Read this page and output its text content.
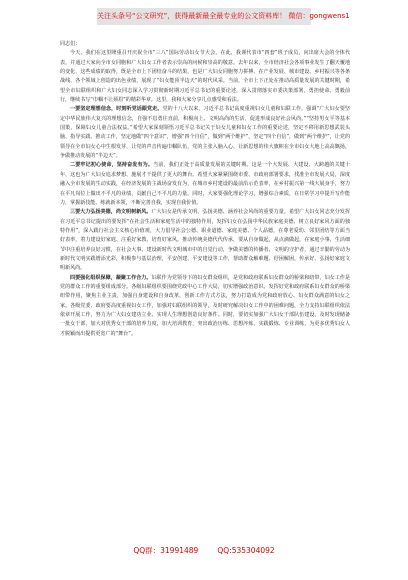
关注头条号“公文研究”，获得最新最全最专业的公文资料库！ 微信：gongwens1

同志们：

今天，我们在这里隆重召开庆祝全市“三八”国际劳动妇女节大会，在此，我谨代表市“四套”班子成员，向出席大会的全体代表，并通过大家向全市女同胞和广大妇女工作者表示崇高的问候和崇高的敬意。去年以来，全市经济社会各项事业发生了翻天覆地的变化，这些成绩的取得，既是全市上下团结奋斗的结果，也是广大妇女同胞努力拼搏、在产业发展、城市建设、乡村振兴等各条战线、各个领域上创造的出色业绩，展现了“妇女能顶半边天”的时代风采。当前，全市上下正处在推动高质量发展的关键时期，希望全市妇联组织和广大妇女同志深入学习贯彻新时期习近平总书记的重要论述，深入贯彻落实市委决策部署，勇担使命、勇毅前行，继续书写“巾帼不让须眉”的精彩华章。这里，我和大家分享几点感受和看法。

一要坚定理想信念，时刻听党话跟党走。党的十八大以来，习近平总书记高度重视妇女儿童和妇联工作，强调“广大妇女要坚定中华民族伟大复兴的理想信念，自强不息勇往直前，积极向上、文明高尚的生活，促进形成良好社会风尚。”“坚持男女平等基本国策，保障妇女儿童合法权益。”希望大家深刻领悟习近平总书记关于妇女儿童和妇女工作的重要论述，坚定不移用新思想武装头脑、指导实践、推动工作，坚定地做“四个意识”，增强“四个自信”，做到“两个维护”，坚定“四个自信”，做到“两个维护”，让党的领导在全市妇女心中生根发芽，让党的声音传遍巾帼队伍，党的主张入脑入心、让新思想的伟大旗帜在全市妇女大地上高高飘扬，争做推动发展的“半边天”。

二要牢记初心使命，坚持奋发有为。当前，我们正处于高质量发展的关键时期。这是一个大发展、大建设、大跨越的关键十年，这也为广大妇女追求梦想、施展才干提供了更大的舞台。希望大家紧紧围绕市委、市政府部署要求，找准全市发展大局，深度融入全市发展的生动实践，在经济发展的主战场奋发有为，在城市乡村建设的最前沿示范表率，在乡村振兴第一线大展身手，努力在平凡岗位上做出不平凡的业绩，贡献自己不平凡的力量。同时，大家要强化理论学习，增强综合素质，在日常学习中提升写作能力，掌握新技能、练就新本领，不断完善自我，实现自我价值。

三要大力弘扬美德，尚文明树新风。广大妇女是传承文明、弘扬美德、涵养社会风尚的重要力量。希望广大妇女同志充分发挥在习近平总书记提出的要发挥“在社会生活和家庭生活中的独特作用，发挥妇女在弘扬中华民族家庭美德、树立良好家风方面的独特作用”，深入践行社会主义核心价值观，大力倡导社会公德、职业道德、家庭美德、个人品德，在尊老爱幼、邻里团结等方面当好表率，着力建设好家庭、注重好家教、培育好家风。推动传统美德代代传承，要从自身做起，从点滴做起，在家庭小事、生活细节中注重培养良好习惯，在社会大事、建设新时代文明城市中的自觉行动，争做美德的传播者、文明的守护者，通过辛勤的劳动为新时代文明实践增添光彩，积极参与基层治理，平安创建、平安建设等工作，帮助群众解难题、纾困解困，传承好、弘扬好家庭文明新风尚。

四要强化组织保障，凝聚工作合力。妇联作为党领导下的妇女群众组织，是党和政府联系妇女群众的桥梁和纽带，妇女工作是党的群众工作的重要组成部分。各级妇联组织要围绕党政中心工作大局，切实增强政治意识、发挥好党和政府联系妇女群众的桥梁纽带作用，聚焦主业主责，加强自身建设和自身改革，创新工作方式方法，努力打造成为党和政府放心、妇女群众满意的妇女之家。各级党委、政府要高度重视妇女工作，加强对妇联组织的领导，及时研究解决妇女工作中的困难问题，全力支持妇联组织依法依章开展工作，努力为广大妇女建功立业、实现人生理想创造良好条件。同时，要切实加强广大妇女干部队伍建设，及时发现储备一批女干部，加大对优秀女干部的培养力度，加大培训教育，突出政治历练、思想淬炼、实践锻炼、专业训练，为更多优秀妇女人才脱颖而出提供更宽广的“舞台”。

QQ群：31991489	QQ:535304092
